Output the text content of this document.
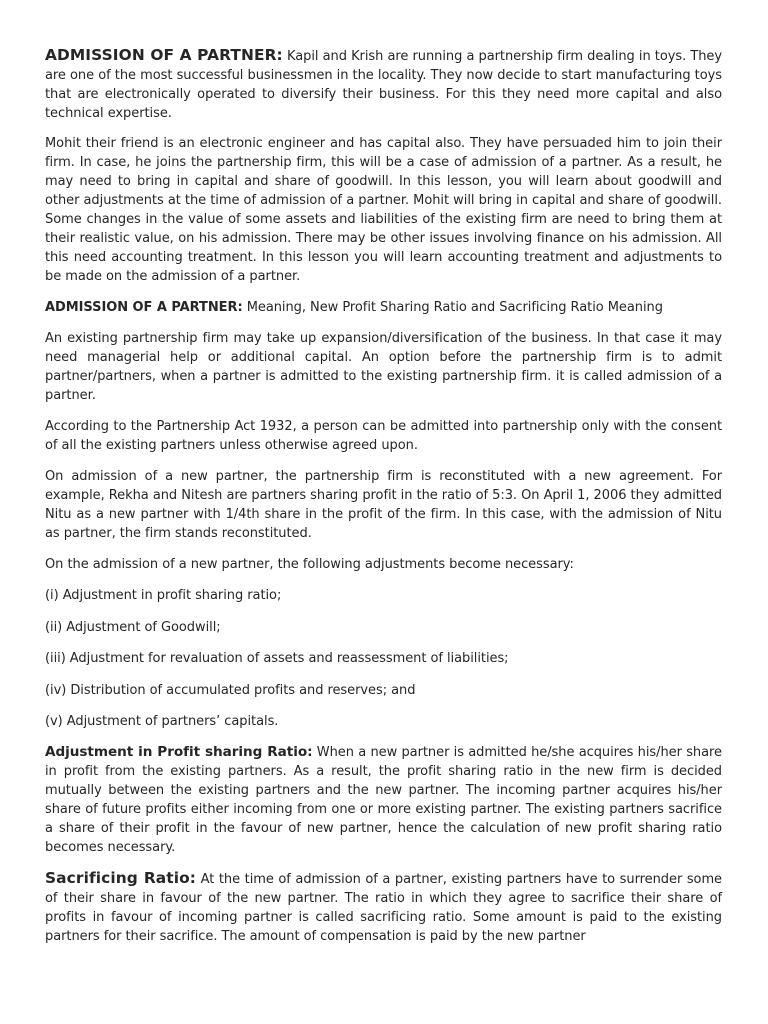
ADMISSION OF A PARTNER: Kapil and Krish are running a partnership firm dealing in toys. They are one of the most successful businessmen in the locality. They now decide to start manufacturing toys that are electronically operated to diversify their business. For this they need more capital and also technical expertise.

Mohit their friend is an electronic engineer and has capital also. They have persuaded him to join their firm. In case, he joins the partnership firm, this will be a case of admission of a partner. As a result, he may need to bring in capital and share of goodwill. In this lesson, you will learn about goodwill and other adjustments at the time of admission of a partner. Mohit will bring in capital and share of goodwill. Some changes in the value of some assets and liabilities of the existing firm are need to bring them at their realistic value, on his admission. There may be other issues involving finance on his admission. All this need accounting treatment. In this lesson you will learn accounting treatment and adjustments to be made on the admission of a partner.

ADMISSION OF A PARTNER: Meaning, New Profit Sharing Ratio and Sacrificing Ratio Meaning

An existing partnership firm may take up expansion/diversification of the business. In that case it may need managerial help or additional capital. An option before the partnership firm is to admit partner/partners, when a partner is admitted to the existing partnership firm. it is called admission of a partner.

According to the Partnership Act 1932, a person can be admitted into partnership only with the consent of all the existing partners unless otherwise agreed upon.

On admission of a new partner, the partnership firm is reconstituted with a new agreement. For example, Rekha and Nitesh are partners sharing profit in the ratio of 5:3. On April 1, 2006 they admitted Nitu as a new partner with 1/4th share in the profit of the firm. In this case, with the admission of Nitu as partner, the firm stands reconstituted.

On the admission of a new partner, the following adjustments become necessary:

(i) Adjustment in profit sharing ratio;

(ii) Adjustment of Goodwill;

(iii) Adjustment for revaluation of assets and reassessment of liabilities;

(iv) Distribution of accumulated profits and reserves; and

(v) Adjustment of partners’ capitals.

Adjustment in Profit sharing Ratio: When a new partner is admitted he/she acquires his/her share in profit from the existing partners. As a result, the profit sharing ratio in the new firm is decided mutually between the existing partners and the new partner. The incoming partner acquires his/her share of future profits either incoming from one or more existing partner. The existing partners sacrifice a share of their profit in the favour of new partner, hence the calculation of new profit sharing ratio becomes necessary.

Sacrificing Ratio: At the time of admission of a partner, existing partners have to surrender some of their share in favour of the new partner. The ratio in which they agree to sacrifice their share of profits in favour of incoming partner is called sacrificing ratio. Some amount is paid to the existing partners for their sacrifice. The amount of compensation is paid by the new partner
